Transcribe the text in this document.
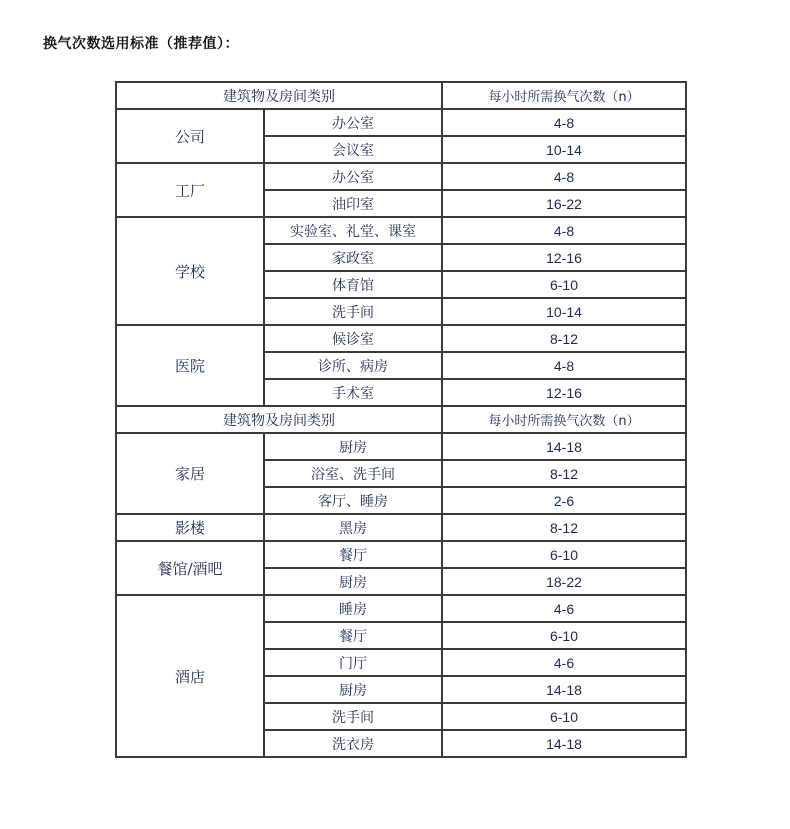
换气次数选用标准（推荐值）：
建筑物及房间类别		每小时所需换气次数（n）
公司	办公室	4-8
	会议室	10-14
工厂	办公室	4-8
	油印室	16-22
学校	实验室、礼堂、课室	4-8
	家政室	12-16
	体育馆	6-10
	洗手间	10-14
医院	候诊室	8-12
	诊所、病房	4-8
	手术室	12-16
建筑物及房间类别		每小时所需换气次数（n）
家居	厨房	14-18
	浴室、洗手间	8-12
	客厅、睡房	2-6
影楼	黑房	8-12
餐馆/酒吧	餐厅	6-10
	厨房	18-22
酒店	睡房	4-6
	餐厅	6-10
	门厅	4-6
	厨房	14-18
	洗手间	6-10
	洗衣房	14-18
